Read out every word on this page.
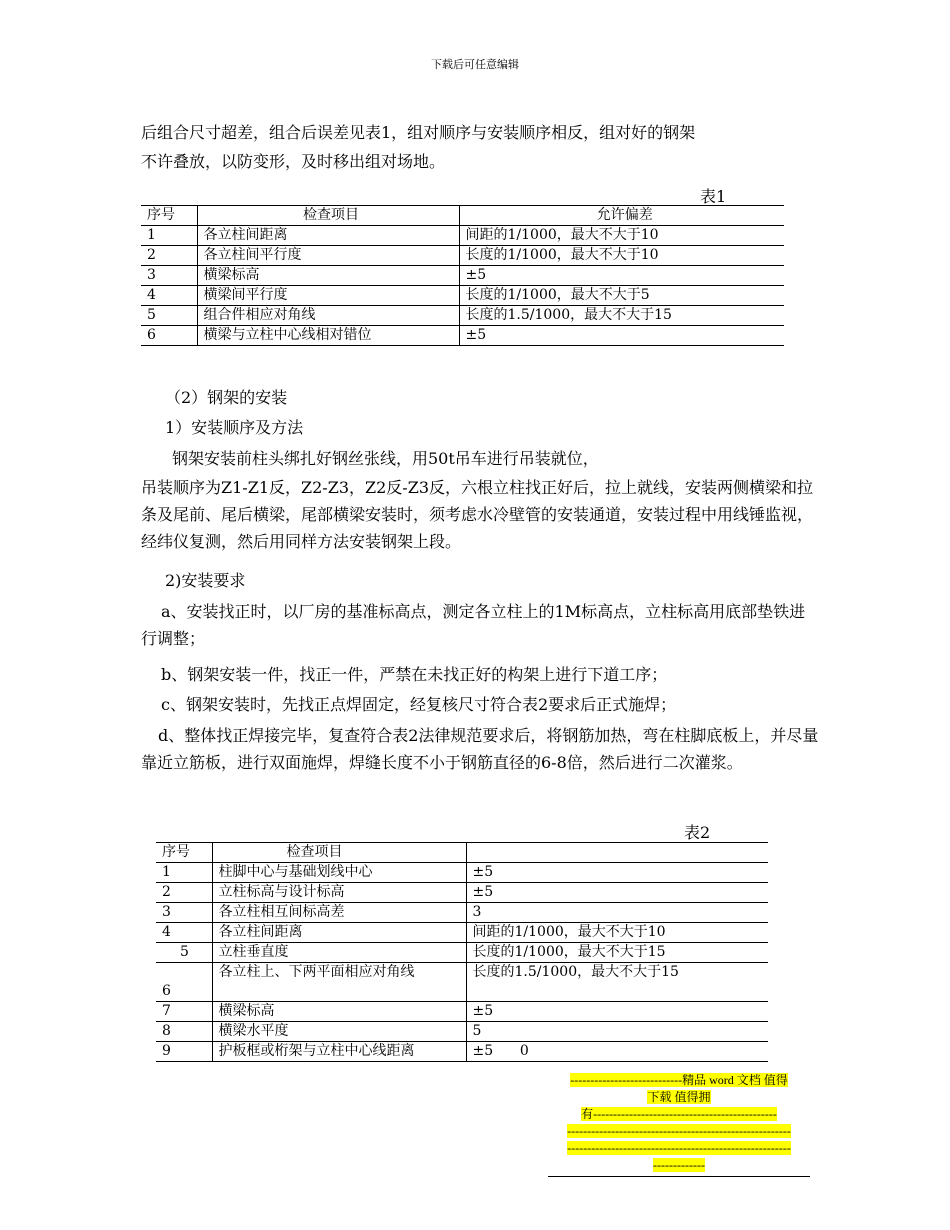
下载后可任意编辑

后组合尺寸超差，组合后误差见表1，组对顺序与安装顺序相反，组对好的钢架

不许叠放，以防变形，及时移出组对场地。

表1
序号	检查项目	允许偏差
1	各立柱间距离	间距的1/1000，最大不大于10
2	各立柱间平行度	长度的1/1000，最大不大于10
3	横梁标高	±5
4	横梁间平行度	长度的1/1000，最大不大于5
5	组合件相应对角线	长度的1.5/1000，最大不大于15
6	横梁与立柱中心线相对错位	±5

（2）钢架的安装

1）安装顺序及方法

钢架安装前柱头绑扎好钢丝张线，用50t吊车进行吊装就位，

吊装顺序为Z1-Z1反，Z2-Z3，Z2反-Z3反，六根立柱找正好后，拉上就线，安装两侧横梁和拉条及尾前、尾后横梁，尾部横梁安装时，须考虑水冷壁管的安装通道，安装过程中用线锤监视，经纬仪复测，然后用同样方法安装钢架上段。

2)安装要求

a、安装找正时，以厂房的基准标高点，测定各立柱上的1M标高点，立柱标高用底部垫铁进行调整；

b、钢架安装一件，找正一件，严禁在未找正好的构架上进行下道工序；

c、钢架安装时，先找正点焊固定，经复核尺寸符合表2要求后正式施焊；

d、整体找正焊接完毕，复查符合表2法律规范要求后，将钢筋加热，弯在柱脚底板上，并尽量靠近立筋板，进行双面施焊，焊缝长度不小于钢筋直径的6-8倍，然后进行二次灌浆。

表2
序号	检查项目	
1	柱脚中心与基础划线中心	±5
2	立柱标高与设计标高	±5
3	各立柱相互间标高差	3
4	各立柱间距离	间距的1/1000，最大不大于10
5	立柱垂直度	长度的1/1000，最大不大于15
6	各立柱上、下两平面相应对角线	长度的1.5/1000，最大不大于15
7	横梁标高	±5
8	横梁水平度	5
9	护板框或桁架与立柱中心线距离	±5      0
----------------------------精品 word 文档 值得
下载 值得拥
有----------------------------------------------
--------------------------------------------------------
--------------------------------------------------------
-------------
